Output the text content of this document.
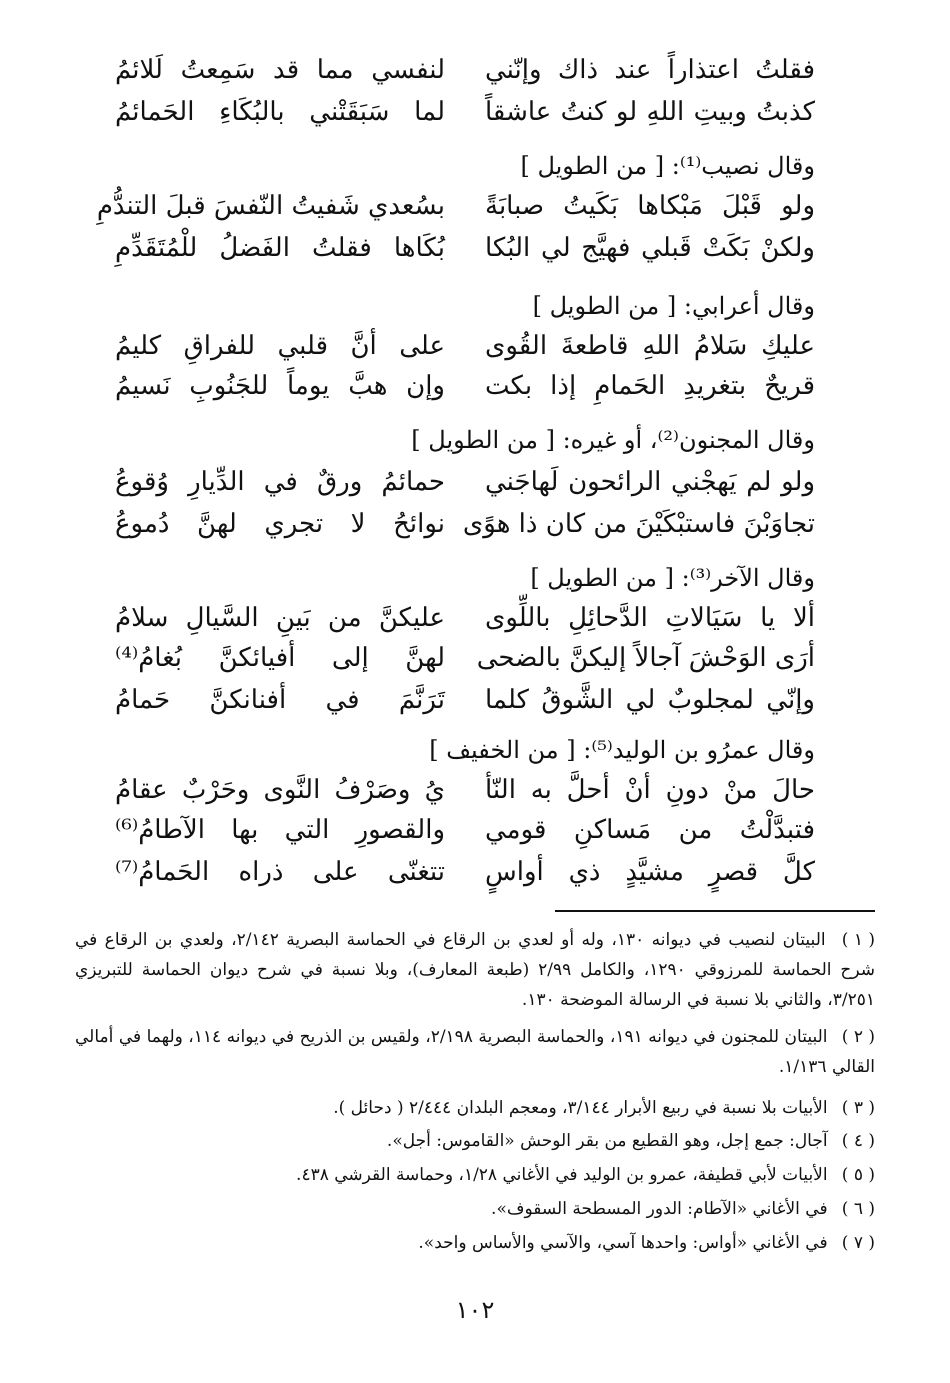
فقلتُ اعتذاراً عند ذاك وإنّني
لنفسي مما قد سَمِعتُ لَلائمُ
كذبتُ وبيتِ اللهِ لو كنتُ عاشقاً
لما سَبَقَتْني بالبُكَاءِ الحَمائمُ
وقال نصيب⁽¹⁾: [ من الطويل ]
ولو قَبْلَ مَبْكاها بَكَيتُ صبابَةً
بسُعدي شَفيتُ النّفسَ قبلَ التندُّمِ
ولكنْ بَكَتْ قَبلي فهيَّج لي البُكا
بُكَاها فقلتُ الفَضلُ للْمُتَقَدِّمِ
وقال أعرابي: [ من الطويل ]
عليكِ سَلامُ اللهِ قاطعةَ القُوى
على أنَّ قلبي للفراقِ كليمُ
قريحٌ بتغريدِ الحَمامِ إذا بكت
وإن هبَّ يوماً للجَنُوبِ نَسيمُ
وقال المجنون⁽²⁾، أو غيره: [ من الطويل ]
ولو لم يَهجْني الرائحون لَهاجَني
حمائمُ ورقٌ في الدِّيارِ وُقوعُ
تجاوَبْنَ فاستبْكَيْنَ من كان ذا هوًى
نوائحُ لا تجري لهنَّ دُموعُ
وقال الآخر⁽³⁾: [ من الطويل ]
ألا يا سَيَالاتِ الدَّحائِلِ باللِّوى
عليكنَّ من بَينِ السَّيالِ سلامُ
أرَى الوَحْشَ آجالاً إليكنَّ بالضحى
لهنَّ إلى أفيائكنَّ بُغامُ⁽⁴⁾
وإنّي لمجلوبٌ لي الشَّوقُ كلما
تَرَنَّمَ في أفنانكنَّ حَمامُ
وقال عمرُو بن الوليد⁽⁵⁾: [ من الخفيف ]
حالَ منْ دونِ أنْ أحلَّ به النّأ
يُ وصَرْفُ النَّوى وحَرْبٌ عقامُ
فتبدَّلْتُ من مَساكنِ قومي
والقصورِ التي بها الآطامُ⁽⁶⁾
كلَّ قصرٍ مشيَّدٍ ذي أواسٍ
تتغنّى على ذراه الحَمامُ⁽⁷⁾
( ١ ) البيتان لنصيب في ديوانه ١٣٠، وله أو لعدي بن الرقاع في الحماسة البصرية ٢/١٤٢، ولعدي بن الرقاع في شرح الحماسة للمرزوقي ١٢٩٠، والكامل ٢/٩٩ (طبعة المعارف)، وبلا نسبة في شرح ديوان الحماسة للتبريزي ٣/٢٥١، والثاني بلا نسبة في الرسالة الموضحة ١٣٠.
( ٢ ) البيتان للمجنون في ديوانه ١٩١، والحماسة البصرية ٢/١٩٨، ولقيس بن الذريح في ديوانه ١١٤، ولهما في أمالي القالي ١/١٣٦.
( ٣ ) الأبيات بلا نسبة في ربيع الأبرار ٣/١٤٤، ومعجم البلدان ٢/٤٤٤ ( دحائل ).
( ٤ ) آجال: جمع إجل، وهو القطيع من بقر الوحش «القاموس: أجل».
( ٥ ) الأبيات لأبي قطيفة، عمرو بن الوليد في الأغاني ١/٢٨، وحماسة القرشي ٤٣٨.
( ٦ ) في الأغاني «الآطام: الدور المسطحة السقوف».
( ٧ ) في الأغاني «أواس: واحدها آسي، والآسي والأساس واحد».
١٠٢
